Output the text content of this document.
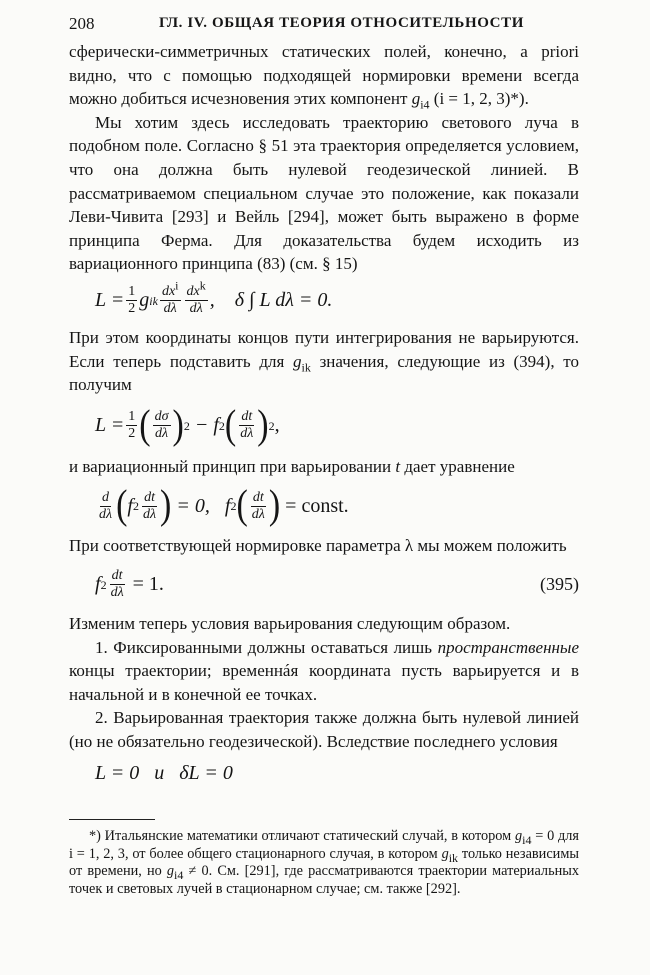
208	ГЛ. IV. ОБЩАЯ ТЕОРИЯ ОТНОСИТЕЛЬНОСТИ

сферически-симметричных статических полей, конечно, a priori видно, что с помощью подходящей нормировки времени всегда можно добиться исчезновения этих компонент $g_{i4}$ (i = 1, 2, 3)*).

Мы хотим здесь исследовать траекторию светового луча в подобном поле. Согласно § 51 эта траектория определяется условием, что она должна быть нулевой геодезической линией. В рассматриваемом специальном случае это положение, как показали Леви-Чивита [293] и Вейль [294], может быть выражено в форме принципа Ферма. Для доказательства будем исходить из вариационного принципа (83) (см. § 15)

$L = \frac{1}{2}$ g ik $\frac{\text{dxi}}{d\lambda} \frac{\text{dxk}}{d\lambda}$ ,    δ ∫ L dλ = 0.

При этом координаты концов пути интегрирования не варьируются. Если теперь подставить для $g_{ik}$ значения, следующие из (394), то получим

$L = \frac{1}{2}$ ( $\frac{d\sigma}{d\lambda}$ ) 2 − f 2 ( $\frac{dt}{d\lambda}$ ) 2 ,

и вариационный принцип при варьировании t дает уравнение

$\frac{d}{d\lambda}$ ( f $2 \frac{dt}{d\lambda}$ ) = 0,   f 2 ( $\frac{dt}{d\lambda}$ ) = const.

При соответствующей нормировке параметра λ мы можем положить

f $2 \frac{dt}{d\lambda} = 1$.	(395)

Изменим теперь условия варьирования следующим образом.

1. Фиксированными должны оставаться лишь пространственные концы траектории; временнáя координата пусть варьируется и в начальной и в конечной ее точках.

2. Варьированная траектория также должна быть нулевой линией (но не обязательно геодезической). Вследствие последнего условия

L = 0   и   δL = 0

*) Итальянские математики отличают статический случай, в котором $g_{i4} = 0$ для i = 1, 2, 3, от более общего стационарного случая, в котором $g_{ik}$ только независимы от времени, но $g_{i4} \ne 0$. См. [291], где рассматриваются траектории материальных точек и световых лучей в стационарном случае; см. также [292].
